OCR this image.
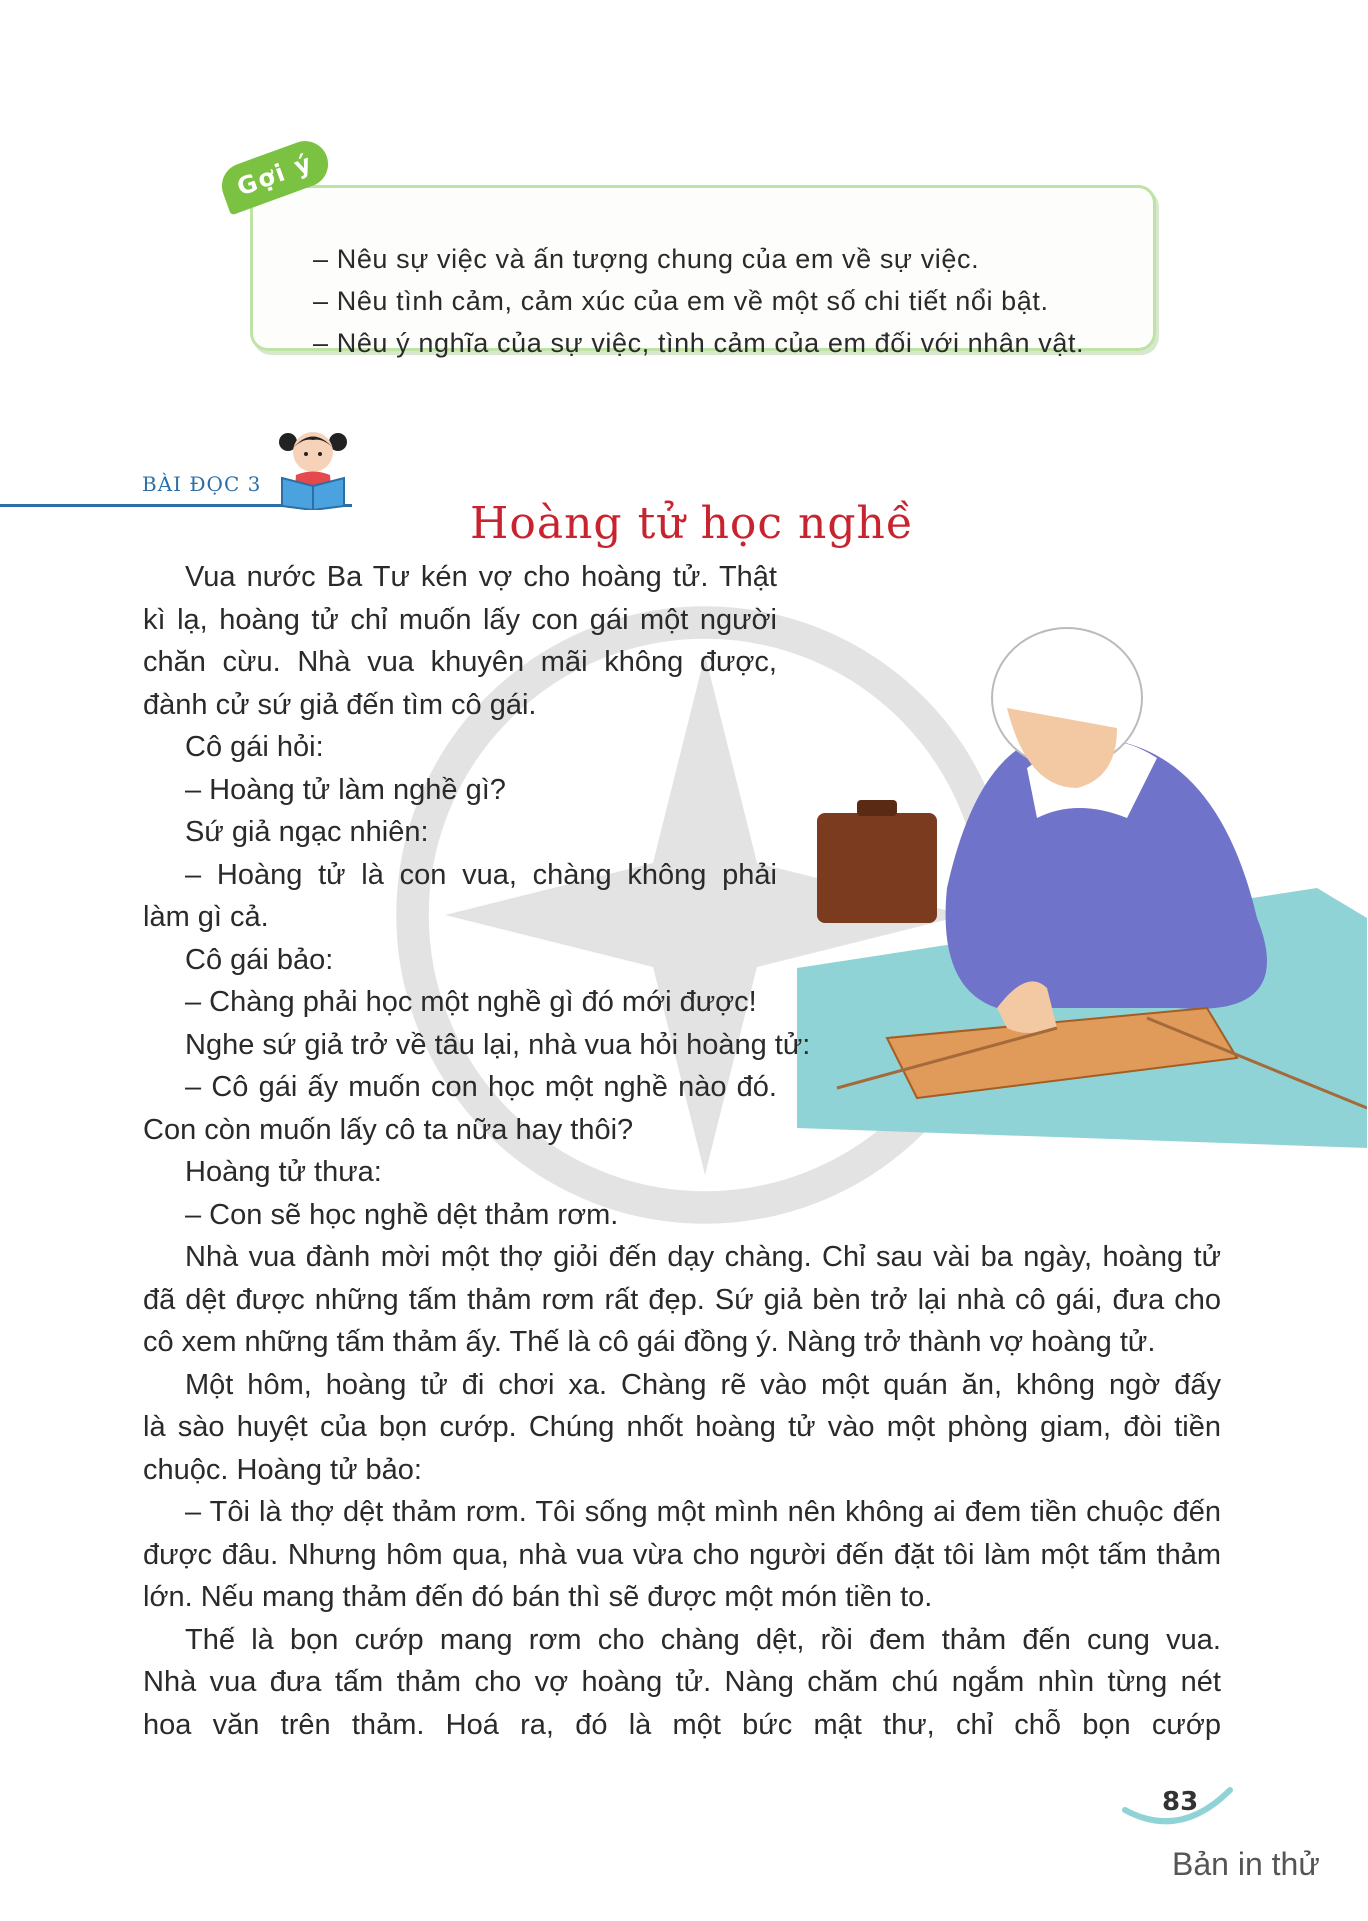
– Nêu sự việc và ấn tượng chung của em về sự việc.
– Nêu tình cảm, cảm xúc của em về một số chi tiết nổi bật.
– Nêu ý nghĩa của sự việc, tình cảm của em đối với nhân vật.
Gợi ý
BÀI ĐỌC 3
Hoàng tử học nghề
Vua nước Ba Tư kén vợ cho hoàng tử. Thật
kì lạ, hoàng tử chỉ muốn lấy con gái một người
chăn cừu. Nhà vua khuyên mãi không được,
đành cử sứ giả đến tìm cô gái.
Cô gái hỏi:
– Hoàng tử làm nghề gì?
Sứ giả ngạc nhiên:
– Hoàng tử là con vua, chàng không phải
làm gì cả.
Cô gái bảo:
– Chàng phải học một nghề gì đó mới được!
Nghe sứ giả trở về tâu lại, nhà vua hỏi hoàng tử:
– Cô gái ấy muốn con học một nghề nào đó.
Con còn muốn lấy cô ta nữa hay thôi?
Hoàng tử thưa:
– Con sẽ học nghề dệt thảm rơm.
Nhà vua đành mời một thợ giỏi đến dạy chàng. Chỉ sau vài ba ngày, hoàng tử
đã dệt được những tấm thảm rơm rất đẹp. Sứ giả bèn trở lại nhà cô gái, đưa cho
cô xem những tấm thảm ấy. Thế là cô gái đồng ý. Nàng trở thành vợ hoàng tử.
Một hôm, hoàng tử đi chơi xa. Chàng rẽ vào một quán ăn, không ngờ đấy
là sào huyệt của bọn cướp. Chúng nhốt hoàng tử vào một phòng giam, đòi tiền
chuộc. Hoàng tử bảo:
– Tôi là thợ dệt thảm rơm. Tôi sống một mình nên không ai đem tiền chuộc đến
được đâu. Nhưng hôm qua, nhà vua vừa cho người đến đặt tôi làm một tấm thảm
lớn. Nếu mang thảm đến đó bán thì sẽ được một món tiền to.
Thế là bọn cướp mang rơm cho chàng dệt, rồi đem thảm đến cung vua.
Nhà vua đưa tấm thảm cho vợ hoàng tử. Nàng chăm chú ngắm nhìn từng nét
hoa văn trên thảm. Hoá ra, đó là một bức mật thư, chỉ chỗ bọn cướp
83
Bản in thử
